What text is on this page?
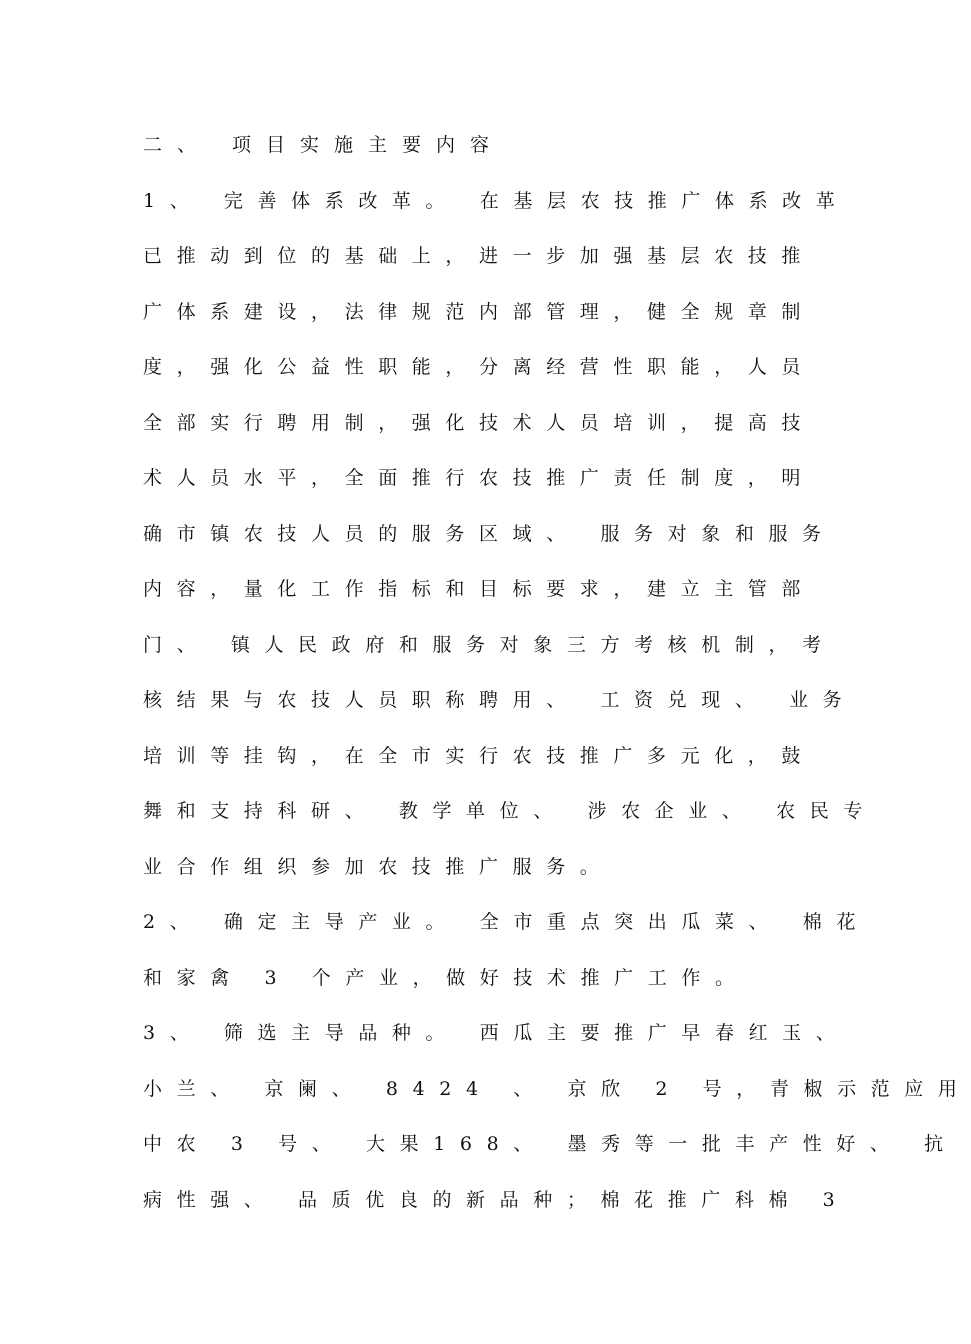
二、 项目实施主要内容
1、 完善体系改革。 在基层农技推广体系改革
已推动到位的基础上，进一步加强基层农技推
广体系建设，法律规范内部管理，健全规章制
度，强化公益性职能，分离经营性职能，人员
全部实行聘用制，强化技术人员培训，提高技
术人员水平，全面推行农技推广责任制度，明
确市镇农技人员的服务区域、 服务对象和服务
内容，量化工作指标和目标要求，建立主管部
门、 镇人民政府和服务对象三方考核机制，考
核结果与农技人员职称聘用、 工资兑现、 业务
培训等挂钩，在全市实行农技推广多元化，鼓
舞和支持科研、 教学单位、 涉农企业、 农民专
业合作组织参加农技推广服务。
2、 确定主导产业。 全市重点突出瓜菜、 棉花
和家禽 3 个产业，做好技术推广工作。
3、 筛选主导品种。 西瓜主要推广早春红玉、
小兰、 京阑、 8424 、 京欣 2 号，青椒示范应用
中农 3 号、 大果168、 墨秀等一批丰产性好、 抗
病性强、 品质优良的新品种；棉花推广科棉 3
